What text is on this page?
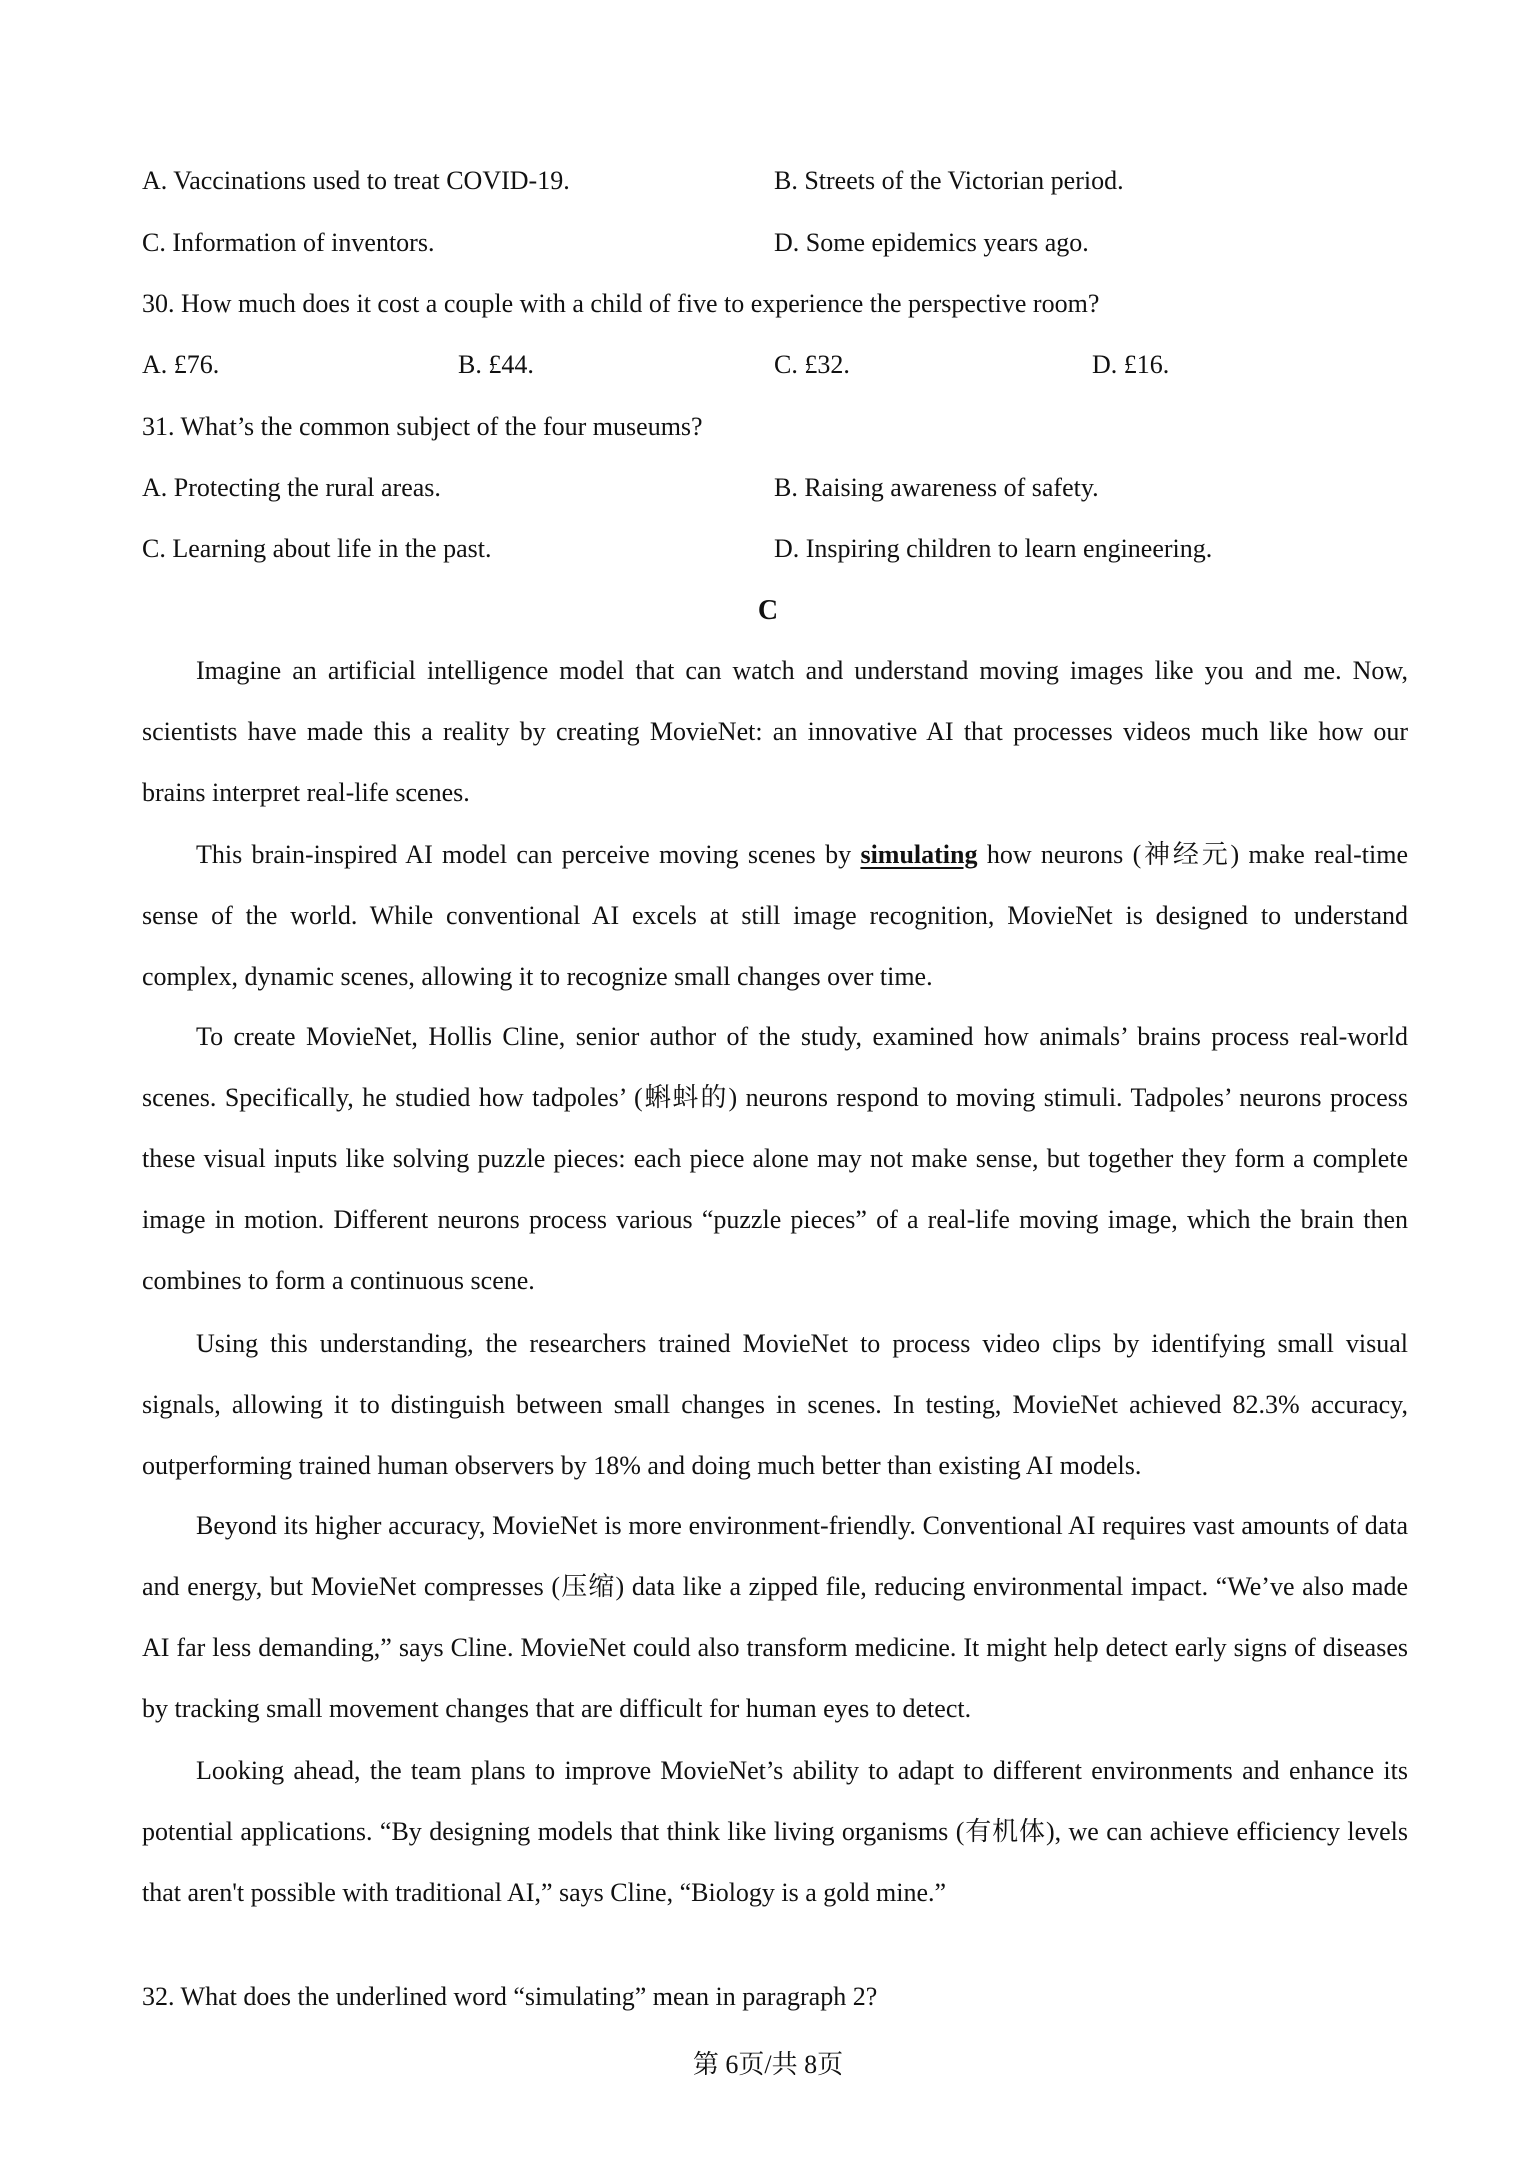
A. Vaccinations used to treat COVID-19.	B. Streets of the Victorian period.
C. Information of inventors.	D. Some epidemics years ago.
30. How much does it cost a couple with a child of five to experience the perspective room?
A. £76.	B. £44.	C. £32.	D. £16.
31. What’s the common subject of the four museums?
A. Protecting the rural areas.	B. Raising awareness of safety.
C. Learning about life in the past.	D. Inspiring children to learn engineering.
C

Imagine an artificial intelligence model that can watch and understand moving images like you and me. Now, scientists have made this a reality by creating MovieNet: an innovative AI that processes videos much like how our brains interpret real-life scenes.

This brain-inspired AI model can perceive moving scenes by simulating how neurons (神经元) make real-time sense of the world. While conventional AI excels at still image recognition, MovieNet is designed to understand complex, dynamic scenes, allowing it to recognize small changes over time.

To create MovieNet, Hollis Cline, senior author of the study, examined how animals’ brains process real-world scenes. Specifically, he studied how tadpoles’ (蝌蚪的) neurons respond to moving stimuli. Tadpoles’ neurons process these visual inputs like solving puzzle pieces: each piece alone may not make sense, but together they form a complete image in motion. Different neurons process various “puzzle pieces” of a real-life moving image, which the brain then combines to form a continuous scene.

Using this understanding, the researchers trained MovieNet to process video clips by identifying small visual signals, allowing it to distinguish between small changes in scenes. In testing, MovieNet achieved 82.3% accuracy, outperforming trained human observers by 18% and doing much better than existing AI models.

Beyond its higher accuracy, MovieNet is more environment-friendly. Conventional AI requires vast amounts of data and energy, but MovieNet compresses (压缩) data like a zipped file, reducing environmental impact. “We’ve also made AI far less demanding,” says Cline. MovieNet could also transform medicine. It might help detect early signs of diseases by tracking small movement changes that are difficult for human eyes to detect.

Looking ahead, the team plans to improve MovieNet’s ability to adapt to different environments and enhance its potential applications. “By designing models that think like living organisms (有机体), we can achieve efficiency levels that aren't possible with traditional AI,” says Cline, “Biology is a gold mine.”

32. What does the underlined word “simulating” mean in paragraph 2?
第 6页/共 8页
